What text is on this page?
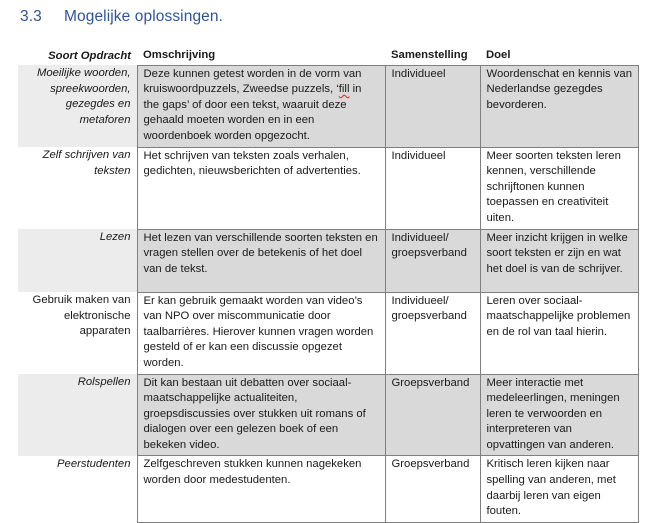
3.3 Mogelijke oplossingen.
Soort Opdracht	Omschrijving	Samenstelling	Doel
Moeilijke woorden, spreekwoorden, gezegdes en metaforen	Deze kunnen getest worden in de vorm van kruiswoordpuzzels, Zweedse puzzels, ‘fill in the gaps’ of door een tekst, waaruit deze gehaald moeten worden en in een woordenboek worden opgezocht.	Individueel	Woordenschat en kennis van Nederlandse gezegdes bevorderen.
Zelf schrijven van teksten	Het schrijven van teksten zoals verhalen, gedichten, nieuwsberichten of advertenties.	Individueel	Meer soorten teksten leren kennen, verschillende schrijftonen kunnen toepassen en creativiteit uiten.
Lezen	Het lezen van verschillende soorten teksten en vragen stellen over de betekenis of het doel van de tekst.	Individueel/ groepsverband	Meer inzicht krijgen in welke soort teksten er zijn en wat het doel is van de schrijver.
Gebruik maken van elektronische apparaten	Er kan gebruik gemaakt worden van video’s van NPO over miscommunicatie door taalbarrières. Hierover kunnen vragen worden gesteld of er kan een discussie opgezet worden.	Individueel/ groepsverband	Leren over sociaal-maatschappelijke problemen en de rol van taal hierin.
Rolspellen	Dit kan bestaan uit debatten over sociaal-maatschappelijke actualiteiten, groepsdiscussies over stukken uit romans of dialogen over een gelezen boek of een bekeken video.	Groepsverband	Meer interactie met medeleerlingen, meningen leren te verwoorden en interpreteren van opvattingen van anderen.
Peerstudenten	Zelfgeschreven stukken kunnen nagekeken worden door medestudenten.	Groepsverband	Kritisch leren kijken naar spelling van anderen, met daarbij leren van eigen fouten.
